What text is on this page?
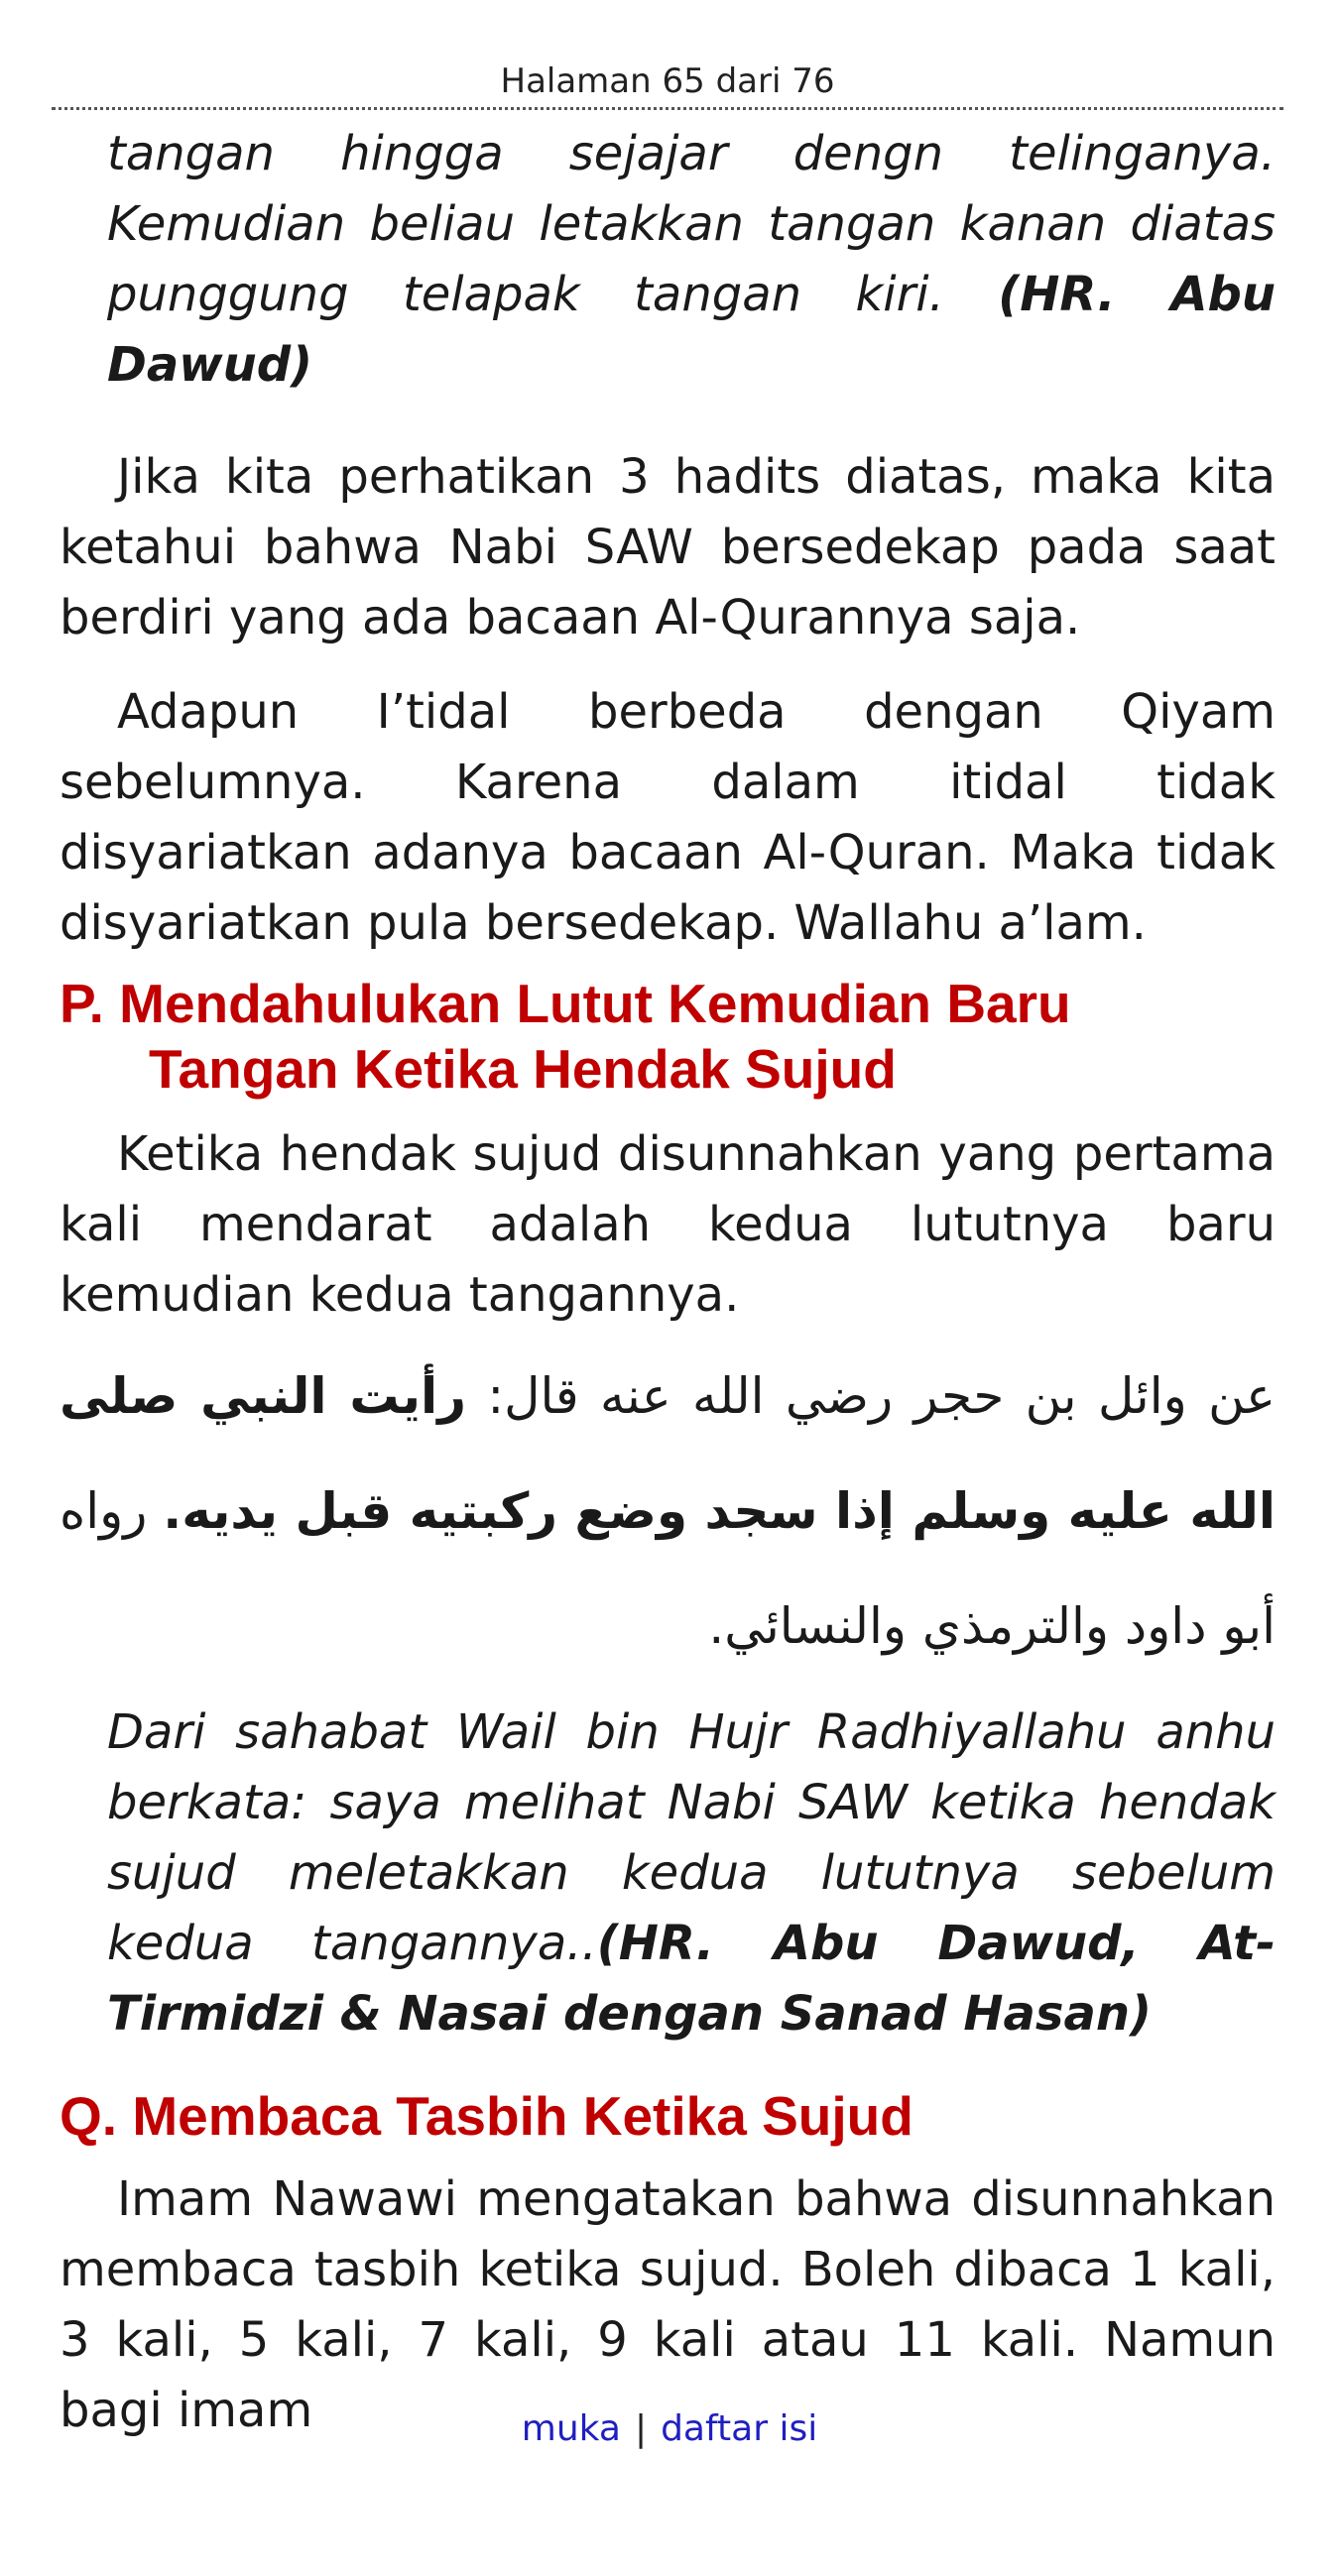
Halaman 65 dari 76

tangan hingga sejajar dengn telinganya. Kemudian beliau letakkan tangan kanan diatas punggung telapak tangan kiri. (HR. Abu Dawud)

Jika kita perhatikan 3 hadits diatas, maka kita ketahui bahwa Nabi SAW bersedekap pada saat berdiri yang ada bacaan Al-Qurannya saja.

Adapun I’tidal berbeda dengan Qiyam sebelumnya. Karena dalam itidal tidak disyariatkan adanya bacaan Al-Quran. Maka tidak disyariatkan pula bersedekap. Wallahu a’lam.

P. Mendahulukan Lutut Kemudian Baru
Tangan Ketika Hendak Sujud

Ketika hendak sujud disunnahkan yang pertama kali mendarat adalah kedua lututnya baru kemudian kedua tangannya.

عن وائل بن حجر رضي الله عنه قال: رأيت النبي صلى الله عليه وسلم إذا سجد وضع ركبتيه قبل يديه. رواه أبو داود والترمذي والنسائي.

Dari sahabat Wail bin Hujr Radhiyallahu anhu berkata: saya melihat Nabi SAW ketika hendak sujud meletakkan kedua lututnya sebelum kedua tangannya..(HR. Abu Dawud, At-Tirmidzi & Nasai dengan Sanad Hasan)

Q. Membaca Tasbih Ketika Sujud

Imam Nawawi mengatakan bahwa disunnahkan membaca tasbih ketika sujud. Boleh dibaca 1 kali, 3 kali, 5 kali, 7 kali, 9 kali atau 11 kali. Namun bagi imam	muka | daftar isi
